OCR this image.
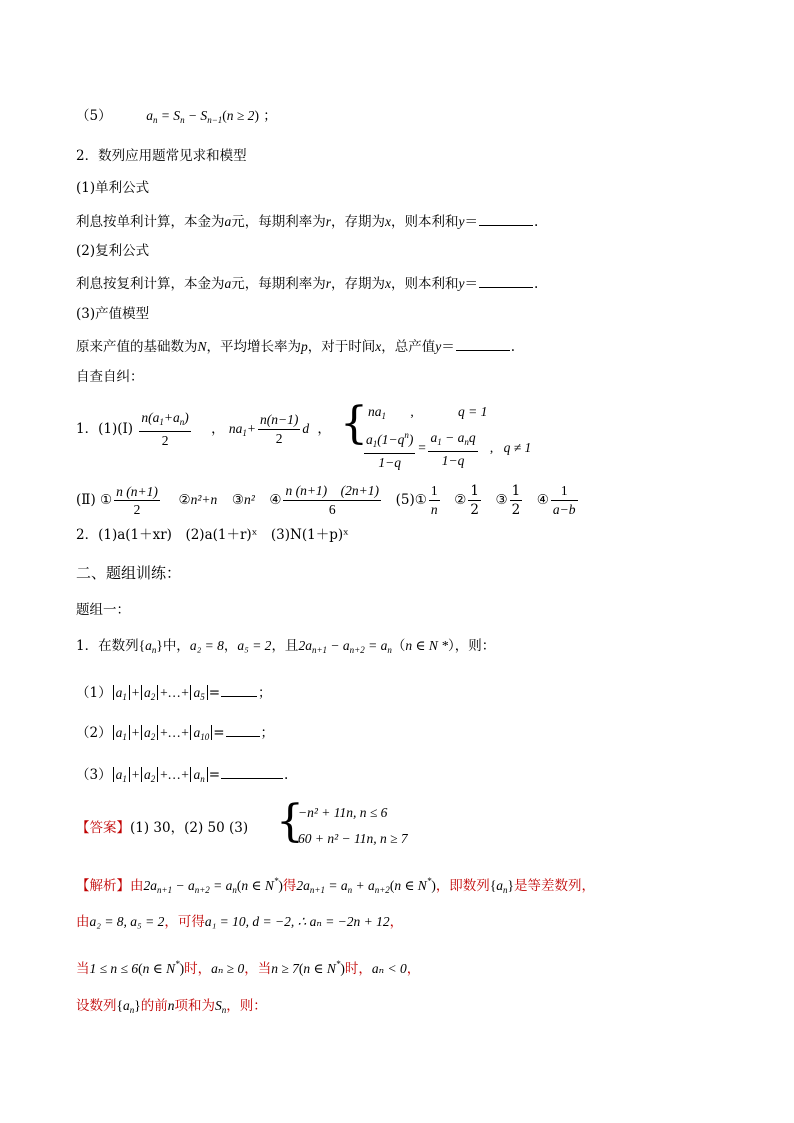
（5）	$a_n = S_n - S_{n-1}(n \ge 2)$ ；
2．数列应用题常见求和模型
(1)单利公式
利息按单利计算，本金为a元，每期利率为r，存期为x，则本利和y＝	.
(2)复利公式
利息按复利计算，本金为a元，每期利率为r，存期为x，则本利和y＝	.
(3)产值模型
原来产值的基础数为N，平均增长率为p，对于时间x，总产值y＝	.
自查自纠：
1．(1)(Ⅰ) $\frac{n(a_1+a_n)}{2}$ ， $na_1+ \frac{n(n-1)}{2}$ d ， { $na_1$ ,	q = 1
$\frac{a_1(1-q^n)}{1-q} = \frac{a_1 - a_nq}{1-q}$ , q ≠ 1
(Ⅱ) ① $\frac{n (n+1)}{2}$ ②n²+n ③n² ④ $\frac{n (n+1) (2n+1)}{6}$ (5)① $\frac{1}{n}$ ② $\frac{1}{2}$ ③ $\frac{1}{2}$ ④ $\frac{1}{a-b}$
2．(1)a(1＋xr)　(2)a(1＋r)ˣ　(3)N(1＋p)ˣ
二、题组训练：
题组一：
1．在数列$\{a_n\}$中，a₂ = 8，a₅ = 2，且$2a_{n+1} - a_{n+2} = a_n(n$ ∈ N *），则：
（1） $a_1 + a_2$ +…+ $a_5$ =	；
（2） $a_1 + a_2$ +…+ $a_{10}$ =	；
（3） $a_1 + a_2$ +…+ $a_n$ =	.
【答案】(1) 30，(2) 50 (3) {
−n² + 11n, n ≤ 6
60 + n² − 11n, n ≥ 7
【解析】由$2a_{n+1} - a_{n+2} = a_n(n$ ∈ N*)得$2a_{n+1} = a_n + a_{n+2}(n$ ∈ N*)，即数列$\{a_n\}$是等差数列，
由a₂ = 8, a₅ = 2，可得a₁ = 10, d = −2, ∴ aₙ = −2n + 12，
当1 ≤ n ≤ 6(n ∈ N*)时，aₙ ≥ 0，当n ≥ 7(n ∈ N*)时，aₙ < 0，
设数列$\{a_n\}$的前n项和为$S_n$，则：
